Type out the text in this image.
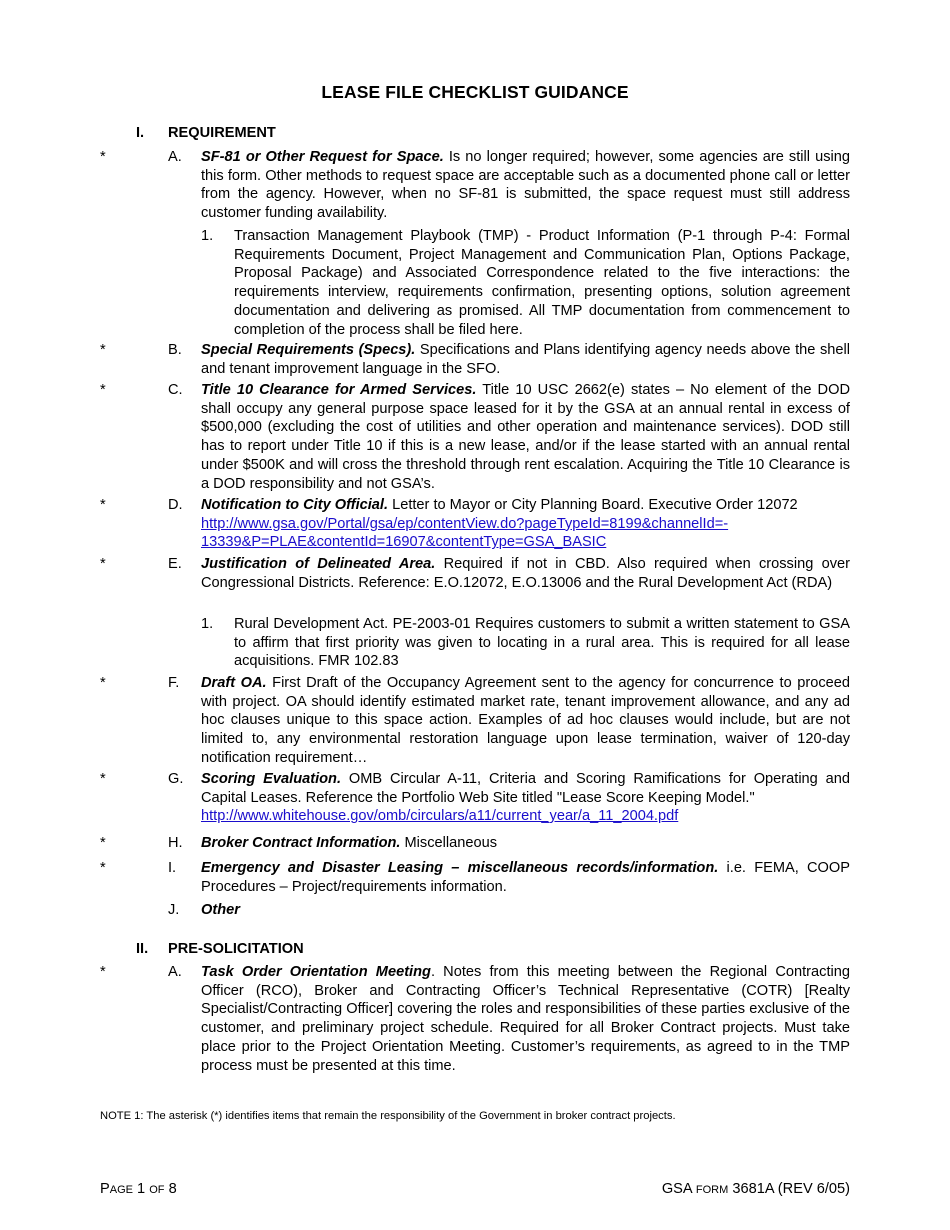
LEASE FILE CHECKLIST GUIDANCE
I. REQUIREMENT
*	A. SF-81 or Other Request for Space. Is no longer required; however, some agencies are still using this form. Other methods to request space are acceptable such as a documented phone call or letter from the agency. However, when no SF-81 is submitted, the space request must still address customer funding availability.
1. Transaction Management Playbook (TMP) - Product Information (P-1 through P-4: Formal Requirements Document, Project Management and Communication Plan, Options Package, Proposal Package) and Associated Correspondence related to the five interactions: the requirements interview, requirements confirmation, presenting options, solution agreement documentation and delivering as promised. All TMP documentation from commencement to completion of the process shall be filed here.
*	B. Special Requirements (Specs). Specifications and Plans identifying agency needs above the shell and tenant improvement language in the SFO.
*	C. Title 10 Clearance for Armed Services. Title 10 USC 2662(e) states – No element of the DOD shall occupy any general purpose space leased for it by the GSA at an annual rental in excess of $500,000 (excluding the cost of utilities and other operation and maintenance services). DOD still has to report under Title 10 if this is a new lease, and/or if the lease started with an annual rental under $500K and will cross the threshold through rent escalation. Acquiring the Title 10 Clearance is a DOD responsibility and not GSA’s.
*	D. Notification to City Official. Letter to Mayor or City Planning Board. Executive Order 12072
http://www.gsa.gov/Portal/gsa/ep/contentView.do?pageTypeId=8199&channelId=-
13339&P=PLAE&contentId=16907&contentType=GSA_BASIC
*	E. Justification of Delineated Area. Required if not in CBD. Also required when crossing over Congressional Districts. Reference: E.O.12072, E.O.13006 and the Rural Development Act (RDA)
1. Rural Development Act. PE-2003-01 Requires customers to submit a written statement to GSA to affirm that first priority was given to locating in a rural area. This is required for all lease acquisitions. FMR 102.83
*	F. Draft OA. First Draft of the Occupancy Agreement sent to the agency for concurrence to proceed with project. OA should identify estimated market rate, tenant improvement allowance, and any ad hoc clauses unique to this space action. Examples of ad hoc clauses would include, but are not limited to, any environmental restoration language upon lease termination, waiver of 120-day notification requirement…
*	G. Scoring Evaluation. OMB Circular A-11, Criteria and Scoring Ramifications for Operating and Capital Leases. Reference the Portfolio Web Site titled "Lease Score Keeping Model."
http://www.whitehouse.gov/omb/circulars/a11/current_year/a_11_2004.pdf
*	H. Broker Contract Information. Miscellaneous
*	I. Emergency and Disaster Leasing – miscellaneous records/information. i.e. FEMA, COOP Procedures – Project/requirements information.
J. Other
II. PRE-SOLICITATION
*	A. Task Order Orientation Meeting. Notes from this meeting between the Regional Contracting Officer (RCO), Broker and Contracting Officer’s Technical Representative (COTR) [Realty Specialist/Contracting Officer] covering the roles and responsibilities of these parties exclusive of the customer, and preliminary project schedule. Required for all Broker Contract projects. Must take place prior to the Project Orientation Meeting. Customer’s requirements, as agreed to in the TMP process must be presented at this time.
NOTE 1: The asterisk (*) identifies items that remain the responsibility of the Government in broker contract projects.
PAGE 1 OF 8	GSA FORM 3681A (REV 6/05)
